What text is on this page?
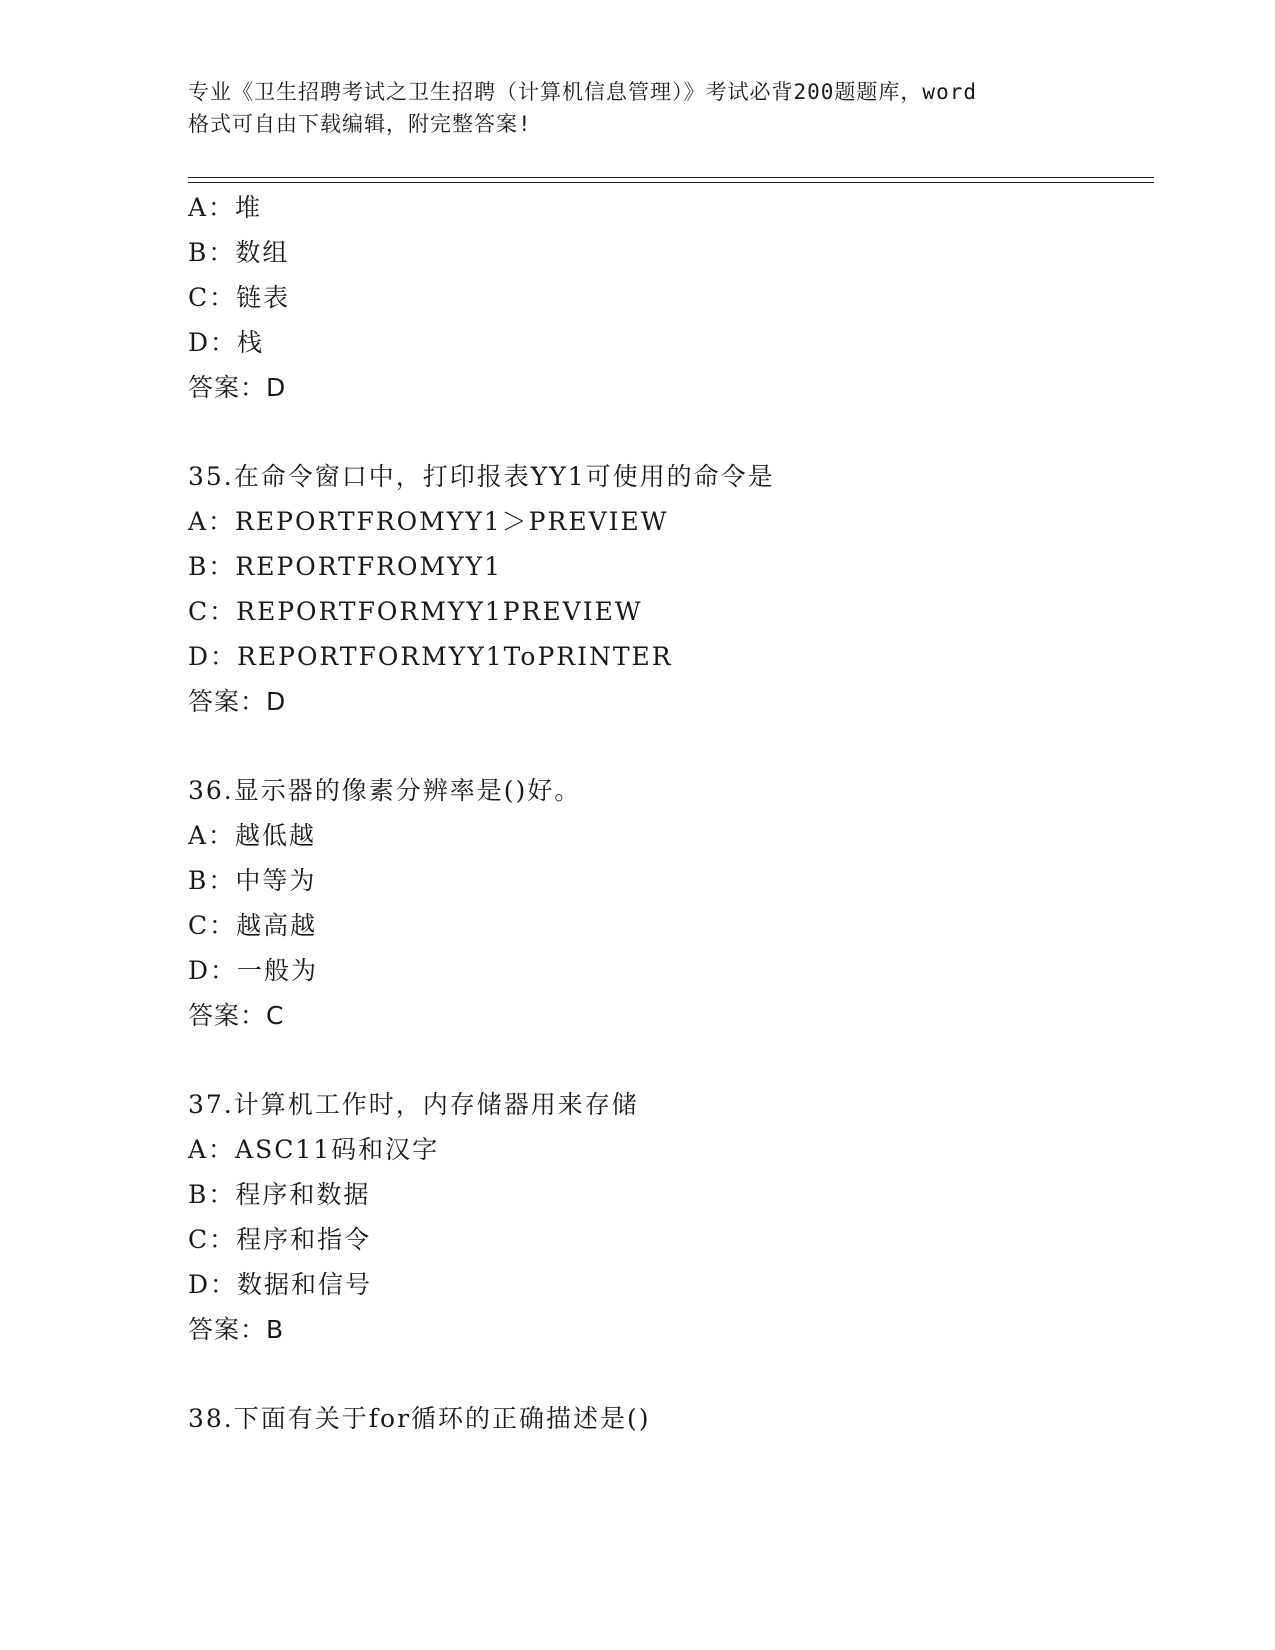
专业《卫生招聘考试之卫生招聘（计算机信息管理）》考试必背200题题库，word
格式可自由下载编辑，附完整答案!
A：堆
B：数组
C：链表
D：栈
答案：D
35.在命令窗口中，打印报表YY1可使用的命令是
A：REPORTFROMYY1＞PREVIEW
B：REPORTFROMYY1
C：REPORTFORMYY1PREVIEW
D：REPORTFORMYY1ToPRINTER
答案：D
36.显示器的像素分辨率是()好。
A：越低越
B：中等为
C：越高越
D：一般为
答案：C
37.计算机工作时，内存储器用来存储
A：ASC11码和汉字
B：程序和数据
C：程序和指令
D：数据和信号
答案：B
38.下面有关于for循环的正确描述是()
